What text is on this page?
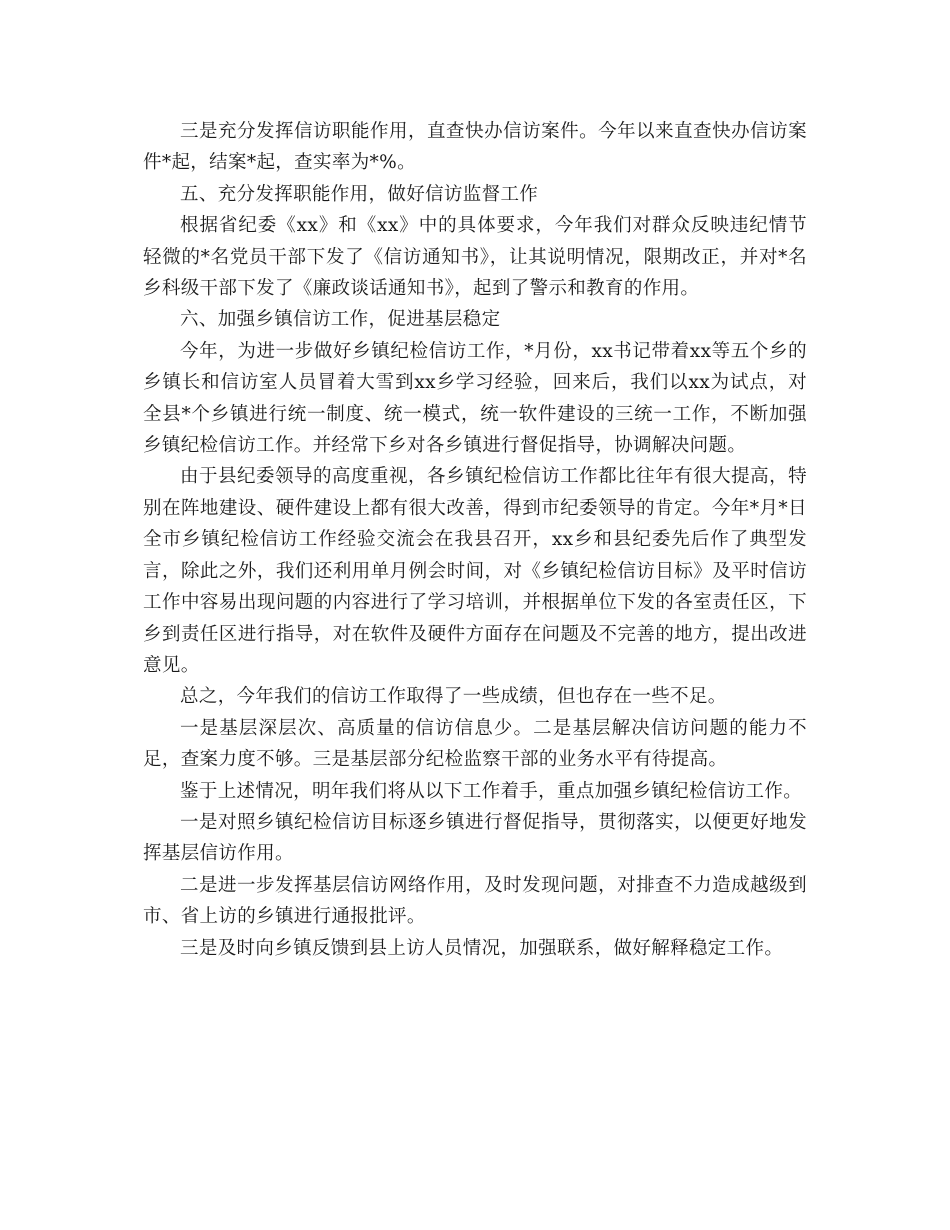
三是充分发挥信访职能作用，直查快办信访案件。今年以来直查快办信访案件*起，结案*起，查实率为*%。

五、充分发挥职能作用，做好信访监督工作

根据省纪委《xx》和《xx》中的具体要求，今年我们对群众反映违纪情节轻微的*名党员干部下发了《信访通知书》，让其说明情况，限期改正，并对*名乡科级干部下发了《廉政谈话通知书》，起到了警示和教育的作用。

六、加强乡镇信访工作，促进基层稳定

今年，为进一步做好乡镇纪检信访工作，*月份，xx书记带着xx等五个乡的乡镇长和信访室人员冒着大雪到xx乡学习经验，回来后，我们以xx为试点，对全县*个乡镇进行统一制度、统一模式，统一软件建设的三统一工作，不断加强乡镇纪检信访工作。并经常下乡对各乡镇进行督促指导，协调解决问题。

由于县纪委领导的高度重视，各乡镇纪检信访工作都比往年有很大提高，特别在阵地建设、硬件建设上都有很大改善，得到市纪委领导的肯定。今年*月*日全市乡镇纪检信访工作经验交流会在我县召开，xx乡和县纪委先后作了典型发言，除此之外，我们还利用单月例会时间，对《乡镇纪检信访目标》及平时信访工作中容易出现问题的内容进行了学习培训，并根据单位下发的各室责任区，下乡到责任区进行指导，对在软件及硬件方面存在问题及不完善的地方，提出改进意见。

总之，今年我们的信访工作取得了一些成绩，但也存在一些不足。

一是基层深层次、高质量的信访信息少。二是基层解决信访问题的能力不足，查案力度不够。三是基层部分纪检监察干部的业务水平有待提高。

鉴于上述情况，明年我们将从以下工作着手，重点加强乡镇纪检信访工作。

一是对照乡镇纪检信访目标逐乡镇进行督促指导，贯彻落实，以便更好地发挥基层信访作用。

二是进一步发挥基层信访网络作用，及时发现问题，对排查不力造成越级到市、省上访的乡镇进行通报批评。

三是及时向乡镇反馈到县上访人员情况，加强联系，做好解释稳定工作。
